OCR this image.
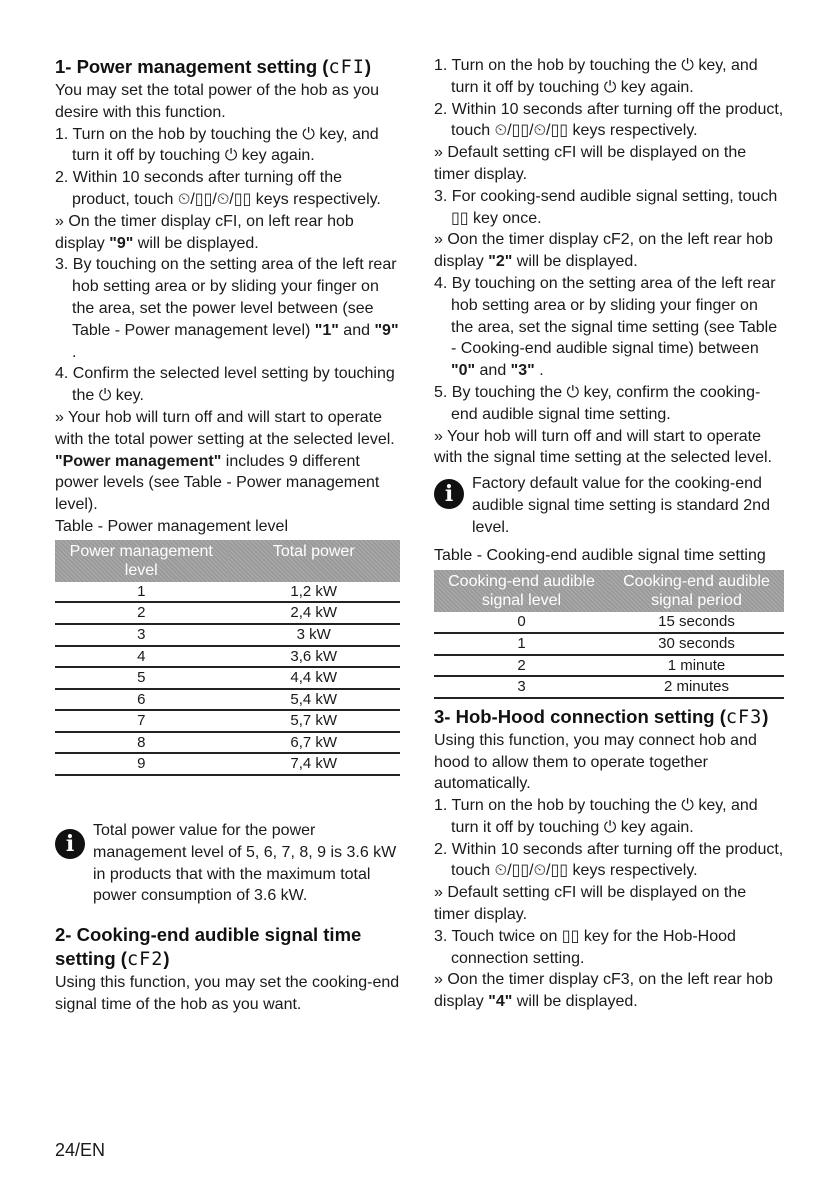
1- Power management setting (cFI)

You may set the total power of the hob as you desire with this function.

1. Turn on the hob by touching the ⏻ key, and turn it off by touching ⏻ key again.

2. Within 10 seconds after turning off the product, touch ⏲/▯▯/⏲/▯▯ keys respectively.

» On the timer display cFI, on left rear hob display "9" will be displayed.

3. By touching on the setting area of the left rear hob setting area or by sliding your finger on the area, set the power level between (see Table - Power management level) "1" and "9" .

4. Confirm the selected level setting by touching the ⏻ key.

» Your hob will turn off and will start to operate with the total power setting at the selected level.

"Power management" includes 9 different power levels (see Table - Power management level).

Table - Power management level

Power management level	Total power
1	1,2 kW
2	2,4 kW
3	3 kW
4	3,6 kW
5	4,4 kW
6	5,4 kW
7	5,7 kW
8	6,7 kW
9	7,4 kW
i
Total power value for the power management level of 5, 6, 7, 8, 9 is 3.6 kW in products that with the maximum total power consumption of 3.6 kW.
2- Cooking-end audible signal time setting (cF2)

Using this function, you may set the cooking-end signal time of the hob as you want.

1. Turn on the hob by touching the ⏻ key, and turn it off by touching ⏻ key again.

2. Within 10 seconds after turning off the product, touch ⏲/▯▯/⏲/▯▯ keys respectively.

» Default setting cFI will be displayed on the timer display.

3. For cooking-send audible signal setting, touch ▯▯ key once.

» Oon the timer display cF2, on the left rear hob display "2" will be displayed.

4. By touching on the setting area of the left rear hob setting area or by sliding your finger on the area, set the signal time setting (see Table - Cooking-end audible signal time) between "0" and "3" .

5. By touching the ⏻ key, confirm the cooking-end audible signal time setting.

» Your hob will turn off and will start to operate with the signal time setting at the selected level.

i	Factory default value for the cooking-end audible signal time setting is standard 2nd level.

Table - Cooking-end audible signal time setting

Cooking-end audible signal level	Cooking-end audible signal period
0	15 seconds
1	30 seconds
2	1 minute
3	2 minutes
3- Hob-Hood connection setting (cF3)

Using this function, you may connect hob and hood to allow them to operate together automatically.

1. Turn on the hob by touching the ⏻ key, and turn it off by touching ⏻ key again.

2. Within 10 seconds after turning off the product, touch ⏲/▯▯/⏲/▯▯ keys respectively.

» Default setting cFI will be displayed on the timer display.

3. Touch twice on ▯▯ key for the Hob-Hood connection setting.

» Oon the timer display cF3, on the left rear hob display "4" will be displayed.

24/EN
